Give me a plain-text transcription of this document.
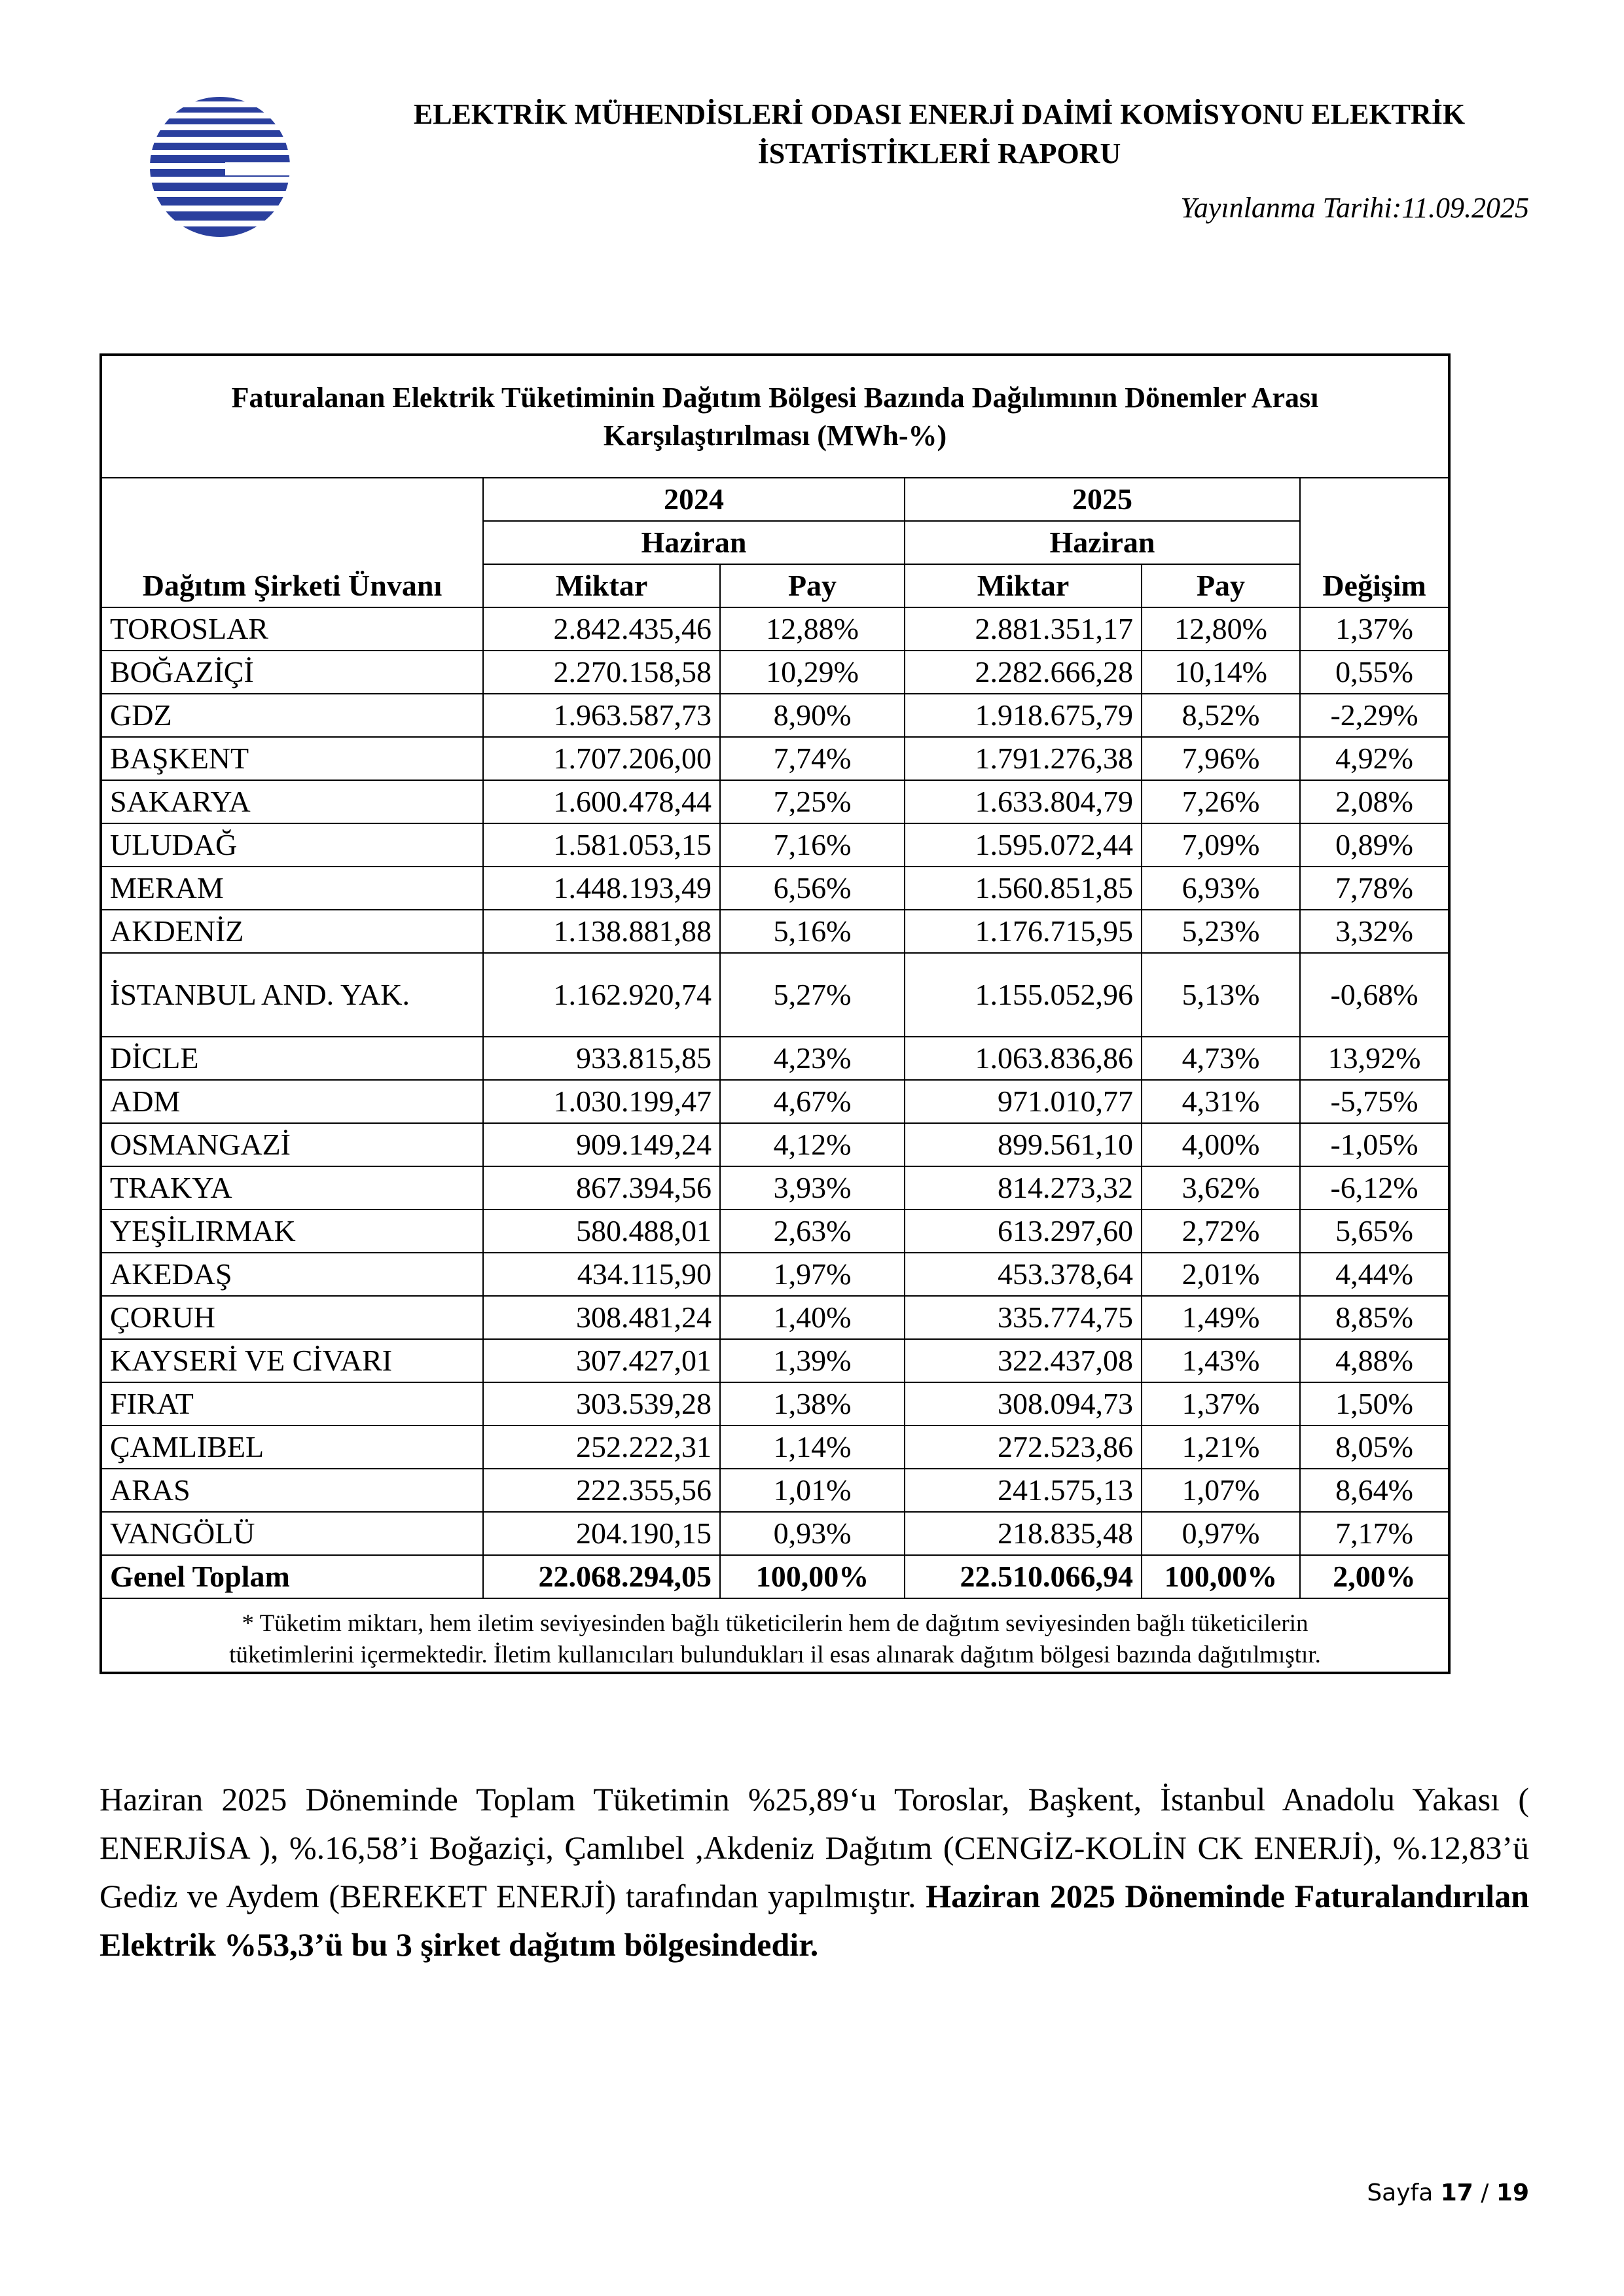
ELEKTRİK MÜHENDİSLERİ ODASI ENERJİ DAİMİ KOMİSYONU ELEKTRİK
İSTATİSTİKLERİ RAPORU
Yayınlanma Tarihi:11.09.2025
Faturalanan Elektrik Tüketiminin Dağıtım Bölgesi Bazında Dağılımının Dönemler Arası
Karşılaştırılması (MWh-%)					

	2024		2025		
	Haziran		Haziran		
Dağıtım Şirketi Ünvanı	Miktar	Pay	Miktar	Pay	Değişim
TOROSLAR	2.842.435,46	12,88%	2.881.351,17	12,80%	1,37%
BOĞAZİÇİ	2.270.158,58	10,29%	2.282.666,28	10,14%	0,55%
GDZ	1.963.587,73	8,90%	1.918.675,79	8,52%	-2,29%
BAŞKENT	1.707.206,00	7,74%	1.791.276,38	7,96%	4,92%
SAKARYA	1.600.478,44	7,25%	1.633.804,79	7,26%	2,08%
ULUDAĞ	1.581.053,15	7,16%	1.595.072,44	7,09%	0,89%
MERAM	1.448.193,49	6,56%	1.560.851,85	6,93%	7,78%
AKDENİZ	1.138.881,88	5,16%	1.176.715,95	5,23%	3,32%
İSTANBUL AND. YAK.	1.162.920,74	5,27%	1.155.052,96	5,13%	-0,68%
DİCLE	933.815,85	4,23%	1.063.836,86	4,73%	13,92%
ADM	1.030.199,47	4,67%	971.010,77	4,31%	-5,75%
OSMANGAZİ	909.149,24	4,12%	899.561,10	4,00%	-1,05%
TRAKYA	867.394,56	3,93%	814.273,32	3,62%	-6,12%
YEŞİLIRMAK	580.488,01	2,63%	613.297,60	2,72%	5,65%
AKEDAŞ	434.115,90	1,97%	453.378,64	2,01%	4,44%
ÇORUH	308.481,24	1,40%	335.774,75	1,49%	8,85%
KAYSERİ VE CİVARI	307.427,01	1,39%	322.437,08	1,43%	4,88%
FIRAT	303.539,28	1,38%	308.094,73	1,37%	1,50%
ÇAMLIBEL	252.222,31	1,14%	272.523,86	1,21%	8,05%
ARAS	222.355,56	1,01%	241.575,13	1,07%	8,64%
VANGÖLÜ	204.190,15	0,93%	218.835,48	0,97%	7,17%
Genel Toplam	22.068.294,05	100,00%	22.510.066,94	100,00%	2,00%
* Tüketim miktarı, hem iletim seviyesinden bağlı tüketicilerin hem de dağıtım seviyesinden bağlı tüketicilerin
tüketimlerini içermektedir. İletim kullanıcıları bulundukları il esas alınarak dağıtım bölgesi bazında dağıtılmıştır.
Haziran 2025 Döneminde Toplam Tüketimin %25,89‘u Toroslar, Başkent, İstanbul Anadolu Yakası ( ENERJİSA ), %.16,58’i Boğaziçi, Çamlıbel ,Akdeniz Dağıtım (CENGİZ-KOLİN CK ENERJİ), %.12,83’ü Gediz ve Aydem (BEREKET ENERJİ) tarafından yapılmıştır. Haziran 2025 Döneminde Faturalandırılan Elektrik %53,3’ü bu 3 şirket dağıtım bölgesindedir.
Sayfa 17 / 19
